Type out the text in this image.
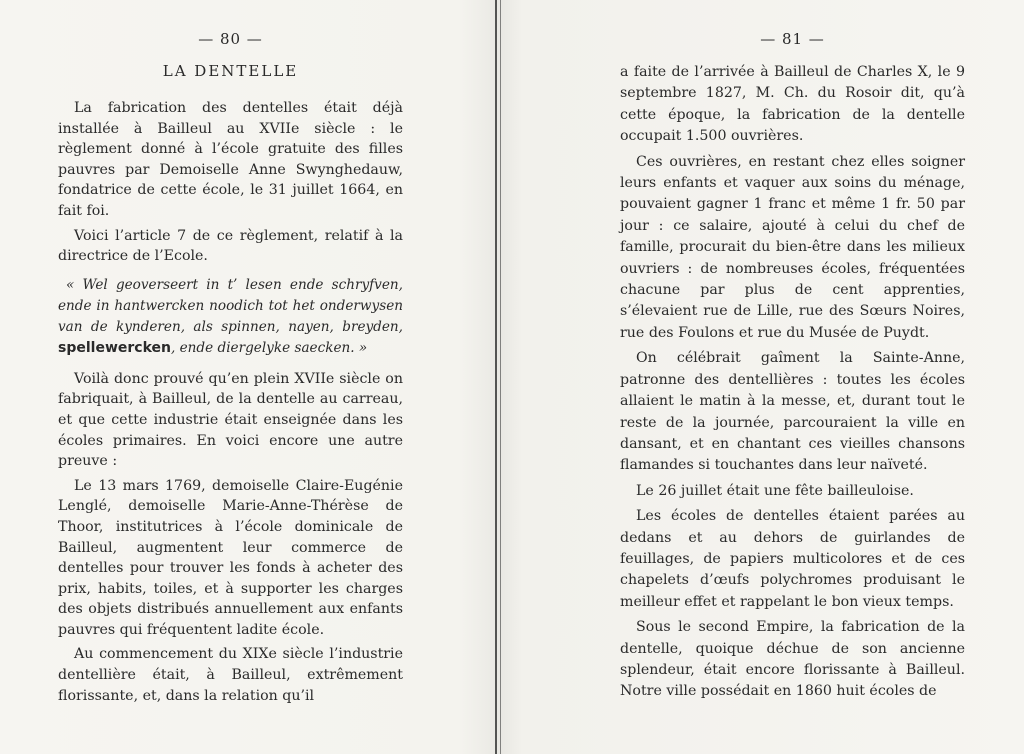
— 80 —
LA DENTELLE

La fabrication des dentelles était déjà installée à Bailleul au XVIIe siècle : le règlement donné à l’école gratuite des filles pauvres par Demoiselle Anne Swynghedauw, fondatrice de cette école, le 31 juillet 1664, en fait foi.

Voici l’article 7 de ce règlement, relatif à la directrice de l’Ecole.

« Wel geoverseert in t’ lesen ende schryfven, ende in hantwercken noodich tot het onderwysen van de kynderen, als spinnen, nayen, breyden, spellewercken, ende diergelyke saecken. »

Voilà donc prouvé qu’en plein XVIIe siècle on fabriquait, à Bailleul, de la dentelle au carreau, et que cette industrie était enseignée dans les écoles primaires. En voici encore une autre preuve :

Le 13 mars 1769, demoiselle Claire-Eugénie Lenglé, demoiselle Marie-Anne-Thérèse de Thoor, institutrices à l’école dominicale de Bailleul, augmentent leur commerce de dentelles pour trouver les fonds à acheter des prix, habits, toiles, et à supporter les charges des objets distribués annuellement aux enfants pauvres qui fréquentent ladite école.

Au commencement du XIXe siècle l’industrie dentellière était, à Bailleul, extrêmement florissante, et, dans la relation qu’il

— 81 —

a faite de l’arrivée à Bailleul de Charles X, le 9 septembre 1827, M. Ch. du Rosoir dit, qu’à cette époque, la fabrication de la dentelle occupait 1.500 ouvrières.

Ces ouvrières, en restant chez elles soigner leurs enfants et vaquer aux soins du ménage, pouvaient gagner 1 franc et même 1 fr. 50 par jour : ce salaire, ajouté à celui du chef de famille, procurait du bien-être dans les milieux ouvriers : de nombreuses écoles, fréquentées chacune par plus de cent apprenties, s’élevaient rue de Lille, rue des Sœurs Noires, rue des Foulons et rue du Musée de Puydt.

On célébrait gaîment la Sainte-Anne, patronne des dentellières : toutes les écoles allaient le matin à la messe, et, durant tout le reste de la journée, parcouraient la ville en dansant, et en chantant ces vieilles chansons flamandes si touchantes dans leur naïveté.

Le 26 juillet était une fête bailleuloise.

Les écoles de dentelles étaient parées au dedans et au dehors de guirlandes de feuillages, de papiers multicolores et de ces chapelets d’œufs polychromes produisant le meilleur effet et rappelant le bon vieux temps.

Sous le second Empire, la fabrication de la dentelle, quoique déchue de son ancienne splendeur, était encore florissante à Bailleul. Notre ville possédait en 1860 huit écoles de
